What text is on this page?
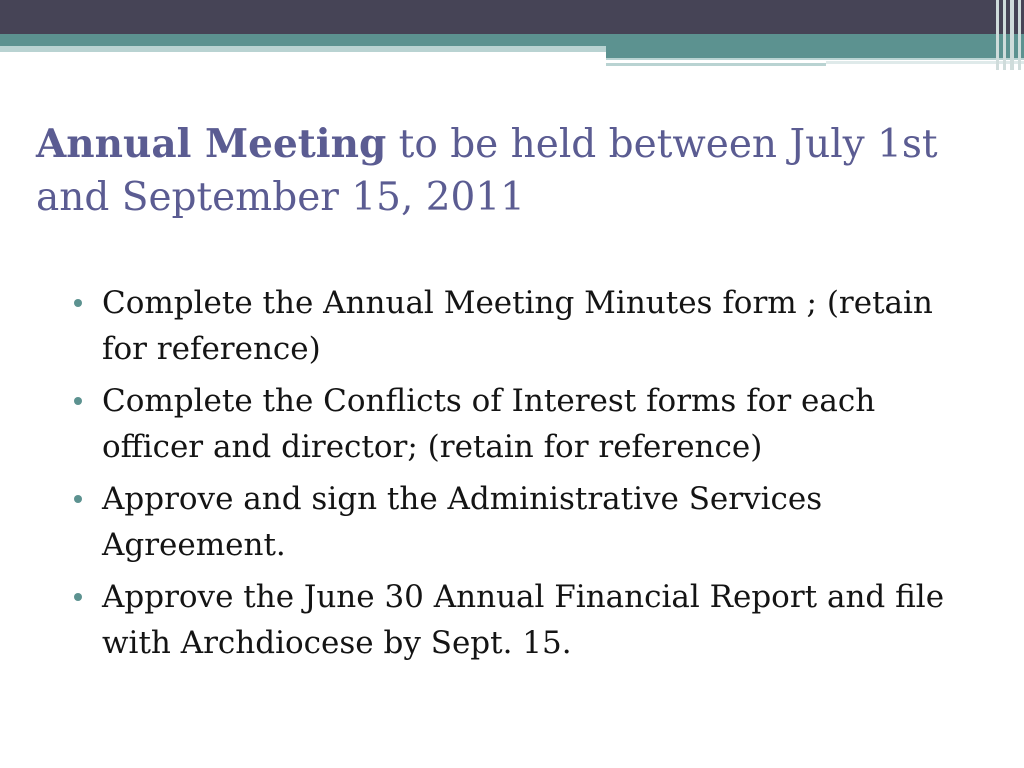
Annual Meeting to be held between July 1st and September 15, 2011
Complete the Annual Meeting Minutes form ; (retain for reference)
Complete the Conflicts of Interest forms for each officer and director; (retain for reference)
Approve and sign the Administrative Services Agreement.
Approve the June 30 Annual Financial Report and file with Archdiocese by Sept. 15.
